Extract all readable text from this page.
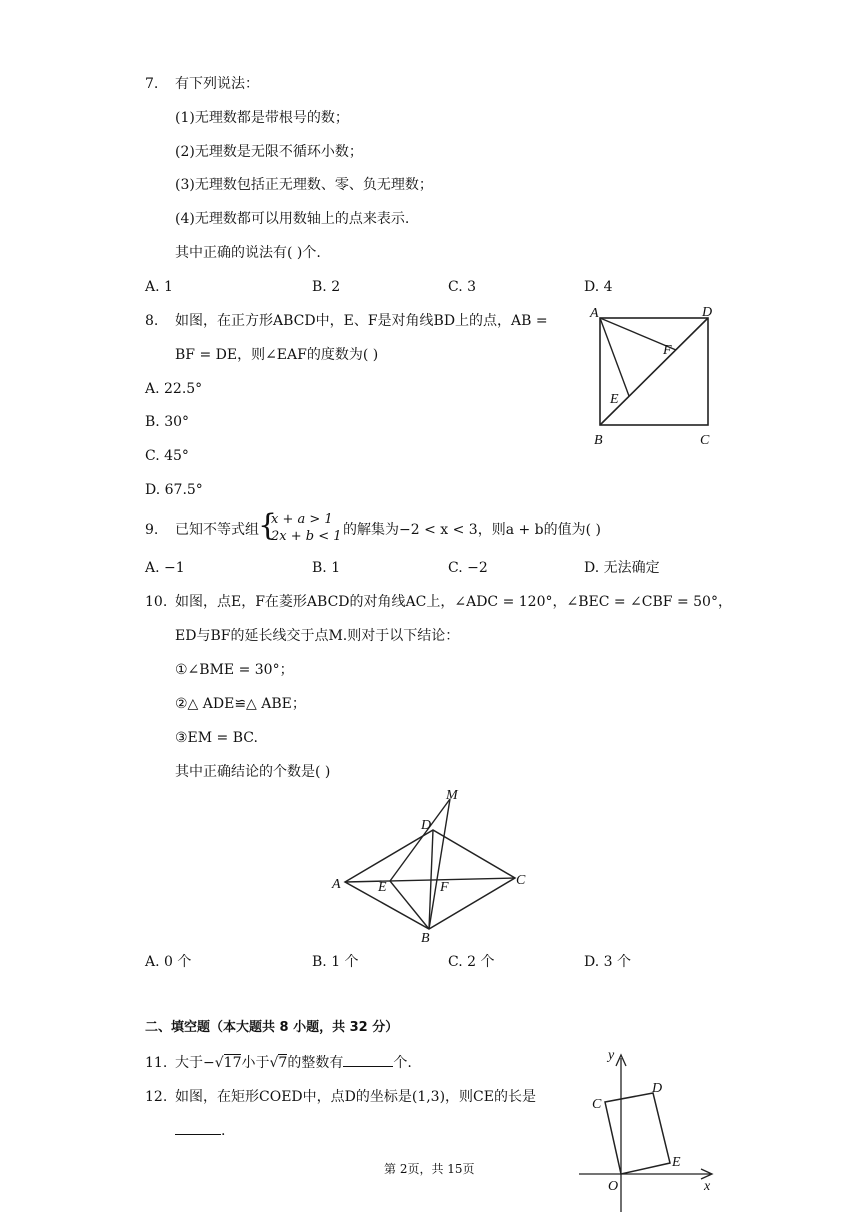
7. 有下列说法：
(1)无理数都是带根号的数；
(2)无理数是无限不循环小数；
(3)无理数包括正无理数、零、负无理数；
(4)无理数都可以用数轴上的点来表示.
其中正确的说法有( )个.
A. 1	B. 2	C. 3	D. 4
8. 如图，在正方形ABCD中，E、F是对角线BD上的点，AB =
BF = DE，则∠EAF的度数为( )
A. 22.5°
B. 30°
C. 45°
D. 67.5°
A	D
F
E
B	C
9. 已知不等式组 {
x + a > 1
2x + b < 1 的解集为−2 < x < 3，则a + b的值为( )
A. −1	B. 1	C. −2	D. 无法确定
10. 如图，点E，F在菱形ABCD的对角线AC上，∠ADC = 120°，∠BEC = ∠CBF = 50°，
ED与BF的延长线交于点M.则对于以下结论：
①∠BME = 30°；
②△ ADE≌△ ABE；
③EM = BC.
其中正确结论的个数是( )
M
D
A	E	F	C
B
A. 0 个	B. 1 个	C. 2 个	D. 3 个
二、填空题（本大题共 8 小题，共 32 分）
11. 大于−√17小于√7的整数有	个.
12. 如图，在矩形COED中，点D的坐标是(1,3)，则CE的长是
.
y
D
C
E
O	x
第 2页，共 15页
